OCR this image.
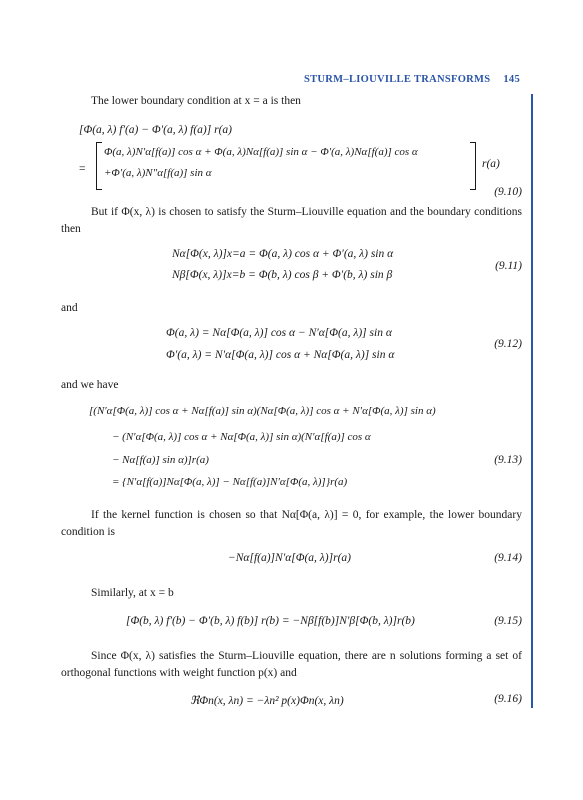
STURM–LIOUVILLE TRANSFORMS 145
The lower boundary condition at x = a is then
[Φ(a, λ) f′(a) − Φ′(a, λ) f(a)] r(a)
=
Φ(a, λ)N′α[f(a)] cos α + Φ(a, λ)Nα[f(a)] sin α − Φ′(a, λ)Nα[f(a)] cos α
+Φ′(a, λ)N″α[f(a)] sin α
r(a)
(9.10)
But if Φ(x, λ) is chosen to satisfy the Sturm–Liouville equation and the boundary conditions then
Nα[Φ(x, λ)]x=a = Φ(a, λ) cos α + Φ′(a, λ) sin α
Nβ[Φ(x, λ)]x=b = Φ(b, λ) cos β + Φ′(b, λ) sin β
(9.11)
and
Φ(a, λ) = Nα[Φ(a, λ)] cos α − N′α[Φ(a, λ)] sin α
Φ′(a, λ) = N′α[Φ(a, λ)] cos α + Nα[Φ(a, λ)] sin α
(9.12)
and we have
[(N′α[Φ(a, λ)] cos α + Nα[f(a)] sin α)(Nα[Φ(a, λ)] cos α + N′α[Φ(a, λ)] sin α)
− (N′α[Φ(a, λ)] cos α + Nα[Φ(a, λ)] sin α)(N′α[f(a)] cos α
− Nα[f(a)] sin α)]r(a)
= {N′α[f(a)]Nα[Φ(a, λ)] − Nα[f(a)]N′α[Φ(a, λ)]}r(a)
(9.13)
If the kernel function is chosen so that Nα[Φ(a, λ)] = 0, for example, the lower boundary condition is
−Nα[f(a)]N′α[Φ(a, λ)]r(a)	(9.14)
Similarly, at x = b
[Φ(b, λ) f′(b) − Φ′(b, λ) f(b)] r(b) = −Nβ[f(b)]N′β[Φ(b, λ)]r(b)	(9.15)
Since Φ(x, λ) satisfies the Sturm–Liouville equation, there are n solutions forming a set of orthogonal functions with weight function p(x) and
ℜΦn(x, λn) = −λn² p(x)Φn(x, λn)	(9.16)
